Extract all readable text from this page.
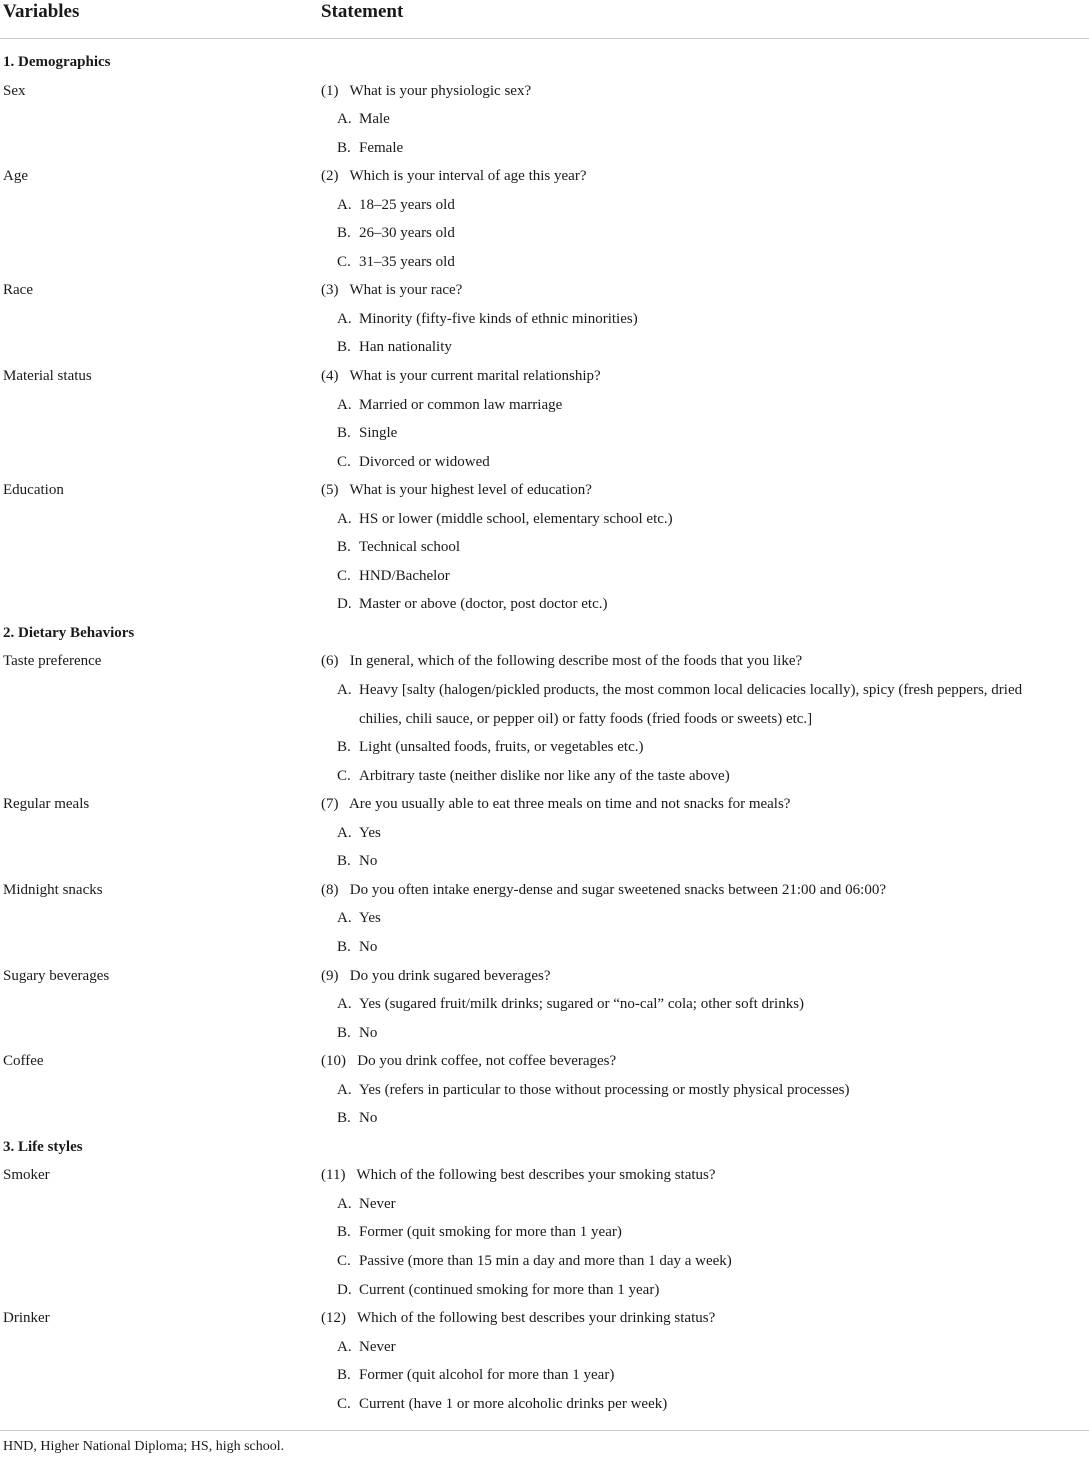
Variables	Statement
1. Demographics
Sex	(1)  What is your physiologic sex?
A. Male
B. Female
Age	(2)  Which is your interval of age this year?
A. 18–25 years old
B. 26–30 years old
C. 31–35 years old
Race	(3)  What is your race?
A. Minority (fifty-five kinds of ethnic minorities)
B. Han nationality
Material status	(4)  What is your current marital relationship?
A. Married or common law marriage
B. Single
C. Divorced or widowed
Education	(5)  What is your highest level of education?
A. HS or lower (middle school, elementary school etc.)
B. Technical school
C. HND/Bachelor
D. Master or above (doctor, post doctor etc.)
2. Dietary Behaviors
Taste preference	(6)  In general, which of the following describe most of the foods that you like?
A. Heavy [salty (halogen/pickled products, the most common local delicacies locally), spicy (fresh peppers, dried chilies, chili sauce, or pepper oil) or fatty foods (fried foods or sweets) etc.]
B. Light (unsalted foods, fruits, or vegetables etc.)
C. Arbitrary taste (neither dislike nor like any of the taste above)
Regular meals	(7)  Are you usually able to eat three meals on time and not snacks for meals?
A. Yes
B. No
Midnight snacks	(8)  Do you often intake energy-dense and sugar sweetened snacks between 21:00 and 06:00?
A. Yes
B. No
Sugary beverages	(9)  Do you drink sugared beverages?
A. Yes (sugared fruit/milk drinks; sugared or “no-cal” cola; other soft drinks)
B. No
Coffee	(10)  Do you drink coffee, not coffee beverages?
A. Yes (refers in particular to those without processing or mostly physical processes)
B. No
3. Life styles
Smoker	(11)  Which of the following best describes your smoking status?
A. Never
B. Former (quit smoking for more than 1 year)
C. Passive (more than 15 min a day and more than 1 day a week)
D. Current (continued smoking for more than 1 year)
Drinker	(12)  Which of the following best describes your drinking status?
A. Never
B. Former (quit alcohol for more than 1 year)
C. Current (have 1 or more alcoholic drinks per week)
HND, Higher National Diploma; HS, high school.
